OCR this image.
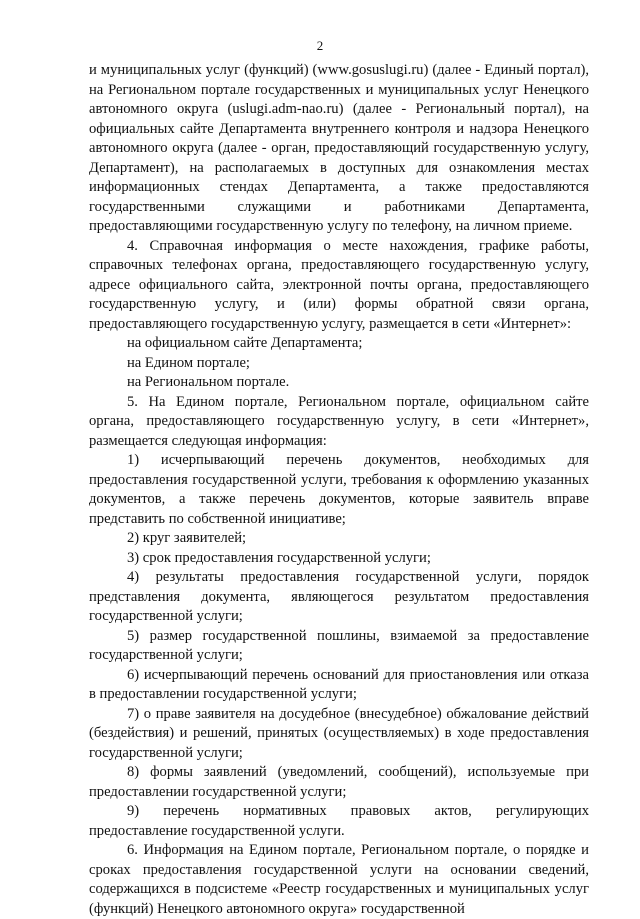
2

и муниципальных услуг (функций) (www.gosuslugi.ru) (далее - Единый портал), на Региональном портале государственных и муниципальных услуг Ненецкого автономного округа (uslugi.adm-nao.ru) (далее - Региональный портал), на официальных сайте Департамента внутреннего контроля и надзора Ненецкого автономного округа (далее - орган, предоставляющий государственную услугу, Департамент), на располагаемых в доступных для ознакомления местах информационных стендах Департамента, а также предоставляются государственными служащими и работниками Департамента, предоставляющими государственную услугу по телефону, на личном приеме.

4. Справочная информация о месте нахождения, графике работы, справочных телефонах органа, предоставляющего государственную услугу, адресе официального сайта, электронной почты органа, предоставляющего государственную услугу, и (или) формы обратной связи органа, предоставляющего государственную услугу, размещается в сети «Интернет»:

на официальном сайте Департамента;

на Едином портале;

на Региональном портале.

5. На Едином портале, Региональном портале, официальном сайте органа, предоставляющего государственную услугу, в сети «Интернет», размещается следующая информация:

1) исчерпывающий перечень документов, необходимых для предоставления государственной услуги, требования к оформлению указанных документов, а также перечень документов, которые заявитель вправе представить по собственной инициативе;

2) круг заявителей;

3) срок предоставления государственной услуги;

4) результаты предоставления государственной услуги, порядок представления документа, являющегося результатом предоставления государственной услуги;

5) размер государственной пошлины, взимаемой за предоставление государственной услуги;

6) исчерпывающий перечень оснований для приостановления или отказа в предоставлении государственной услуги;

7) о праве заявителя на досудебное (внесудебное) обжалование действий (бездействия) и решений, принятых (осуществляемых) в ходе предоставления государственной услуги;

8) формы заявлений (уведомлений, сообщений), используемые при предоставлении государственной услуги;

9) перечень нормативных правовых актов, регулирующих предоставление государственной услуги.

6. Информация на Едином портале, Региональном портале, о порядке и сроках предоставления государственной услуги на основании сведений, содержащихся в подсистеме «Реестр государственных и муниципальных услуг (функций) Ненецкого автономного округа» государственной
